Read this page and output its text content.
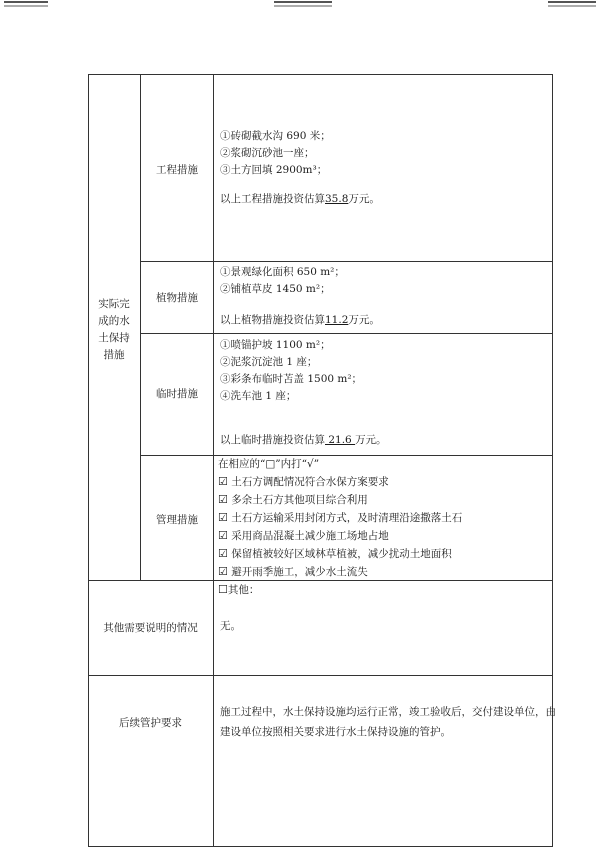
实际完成的水土保持措施
工程措施
①砖砌截水沟 690 米；
②浆砌沉砂池一座；
③土方回填 2900m³；
以上工程措施投资估算35.8万元。
植物措施
①景观绿化面积 650 m²；
②铺植草皮 1450 m²；
以上植物措施投资估算11.2万元。
临时措施
①喷锚护坡 1100 m²；
②泥浆沉淀池 1 座；
③彩条布临时苫盖 1500 m²；
④洗车池 1 座；
以上临时措施投资估算 21.6 万元。
管理措施
在相应的“□”内打“√”
☑ 土石方调配情况符合水保方案要求
☑ 多余土石方其他项目综合利用
☑ 土石方运输采用封闭方式，及时清理沿途撒落土石
☑ 采用商品混凝土减少施工场地占地
☑ 保留植被较好区域林草植被，减少扰动土地面积
☑ 避开雨季施工，减少水土流失
☐其他：
其他需要说明的情况	无。
后续管护要求
施工过程中，水土保持设施均运行正常，竣工验收后，交付建设单位，由
建设单位按照相关要求进行水土保持设施的管护。
